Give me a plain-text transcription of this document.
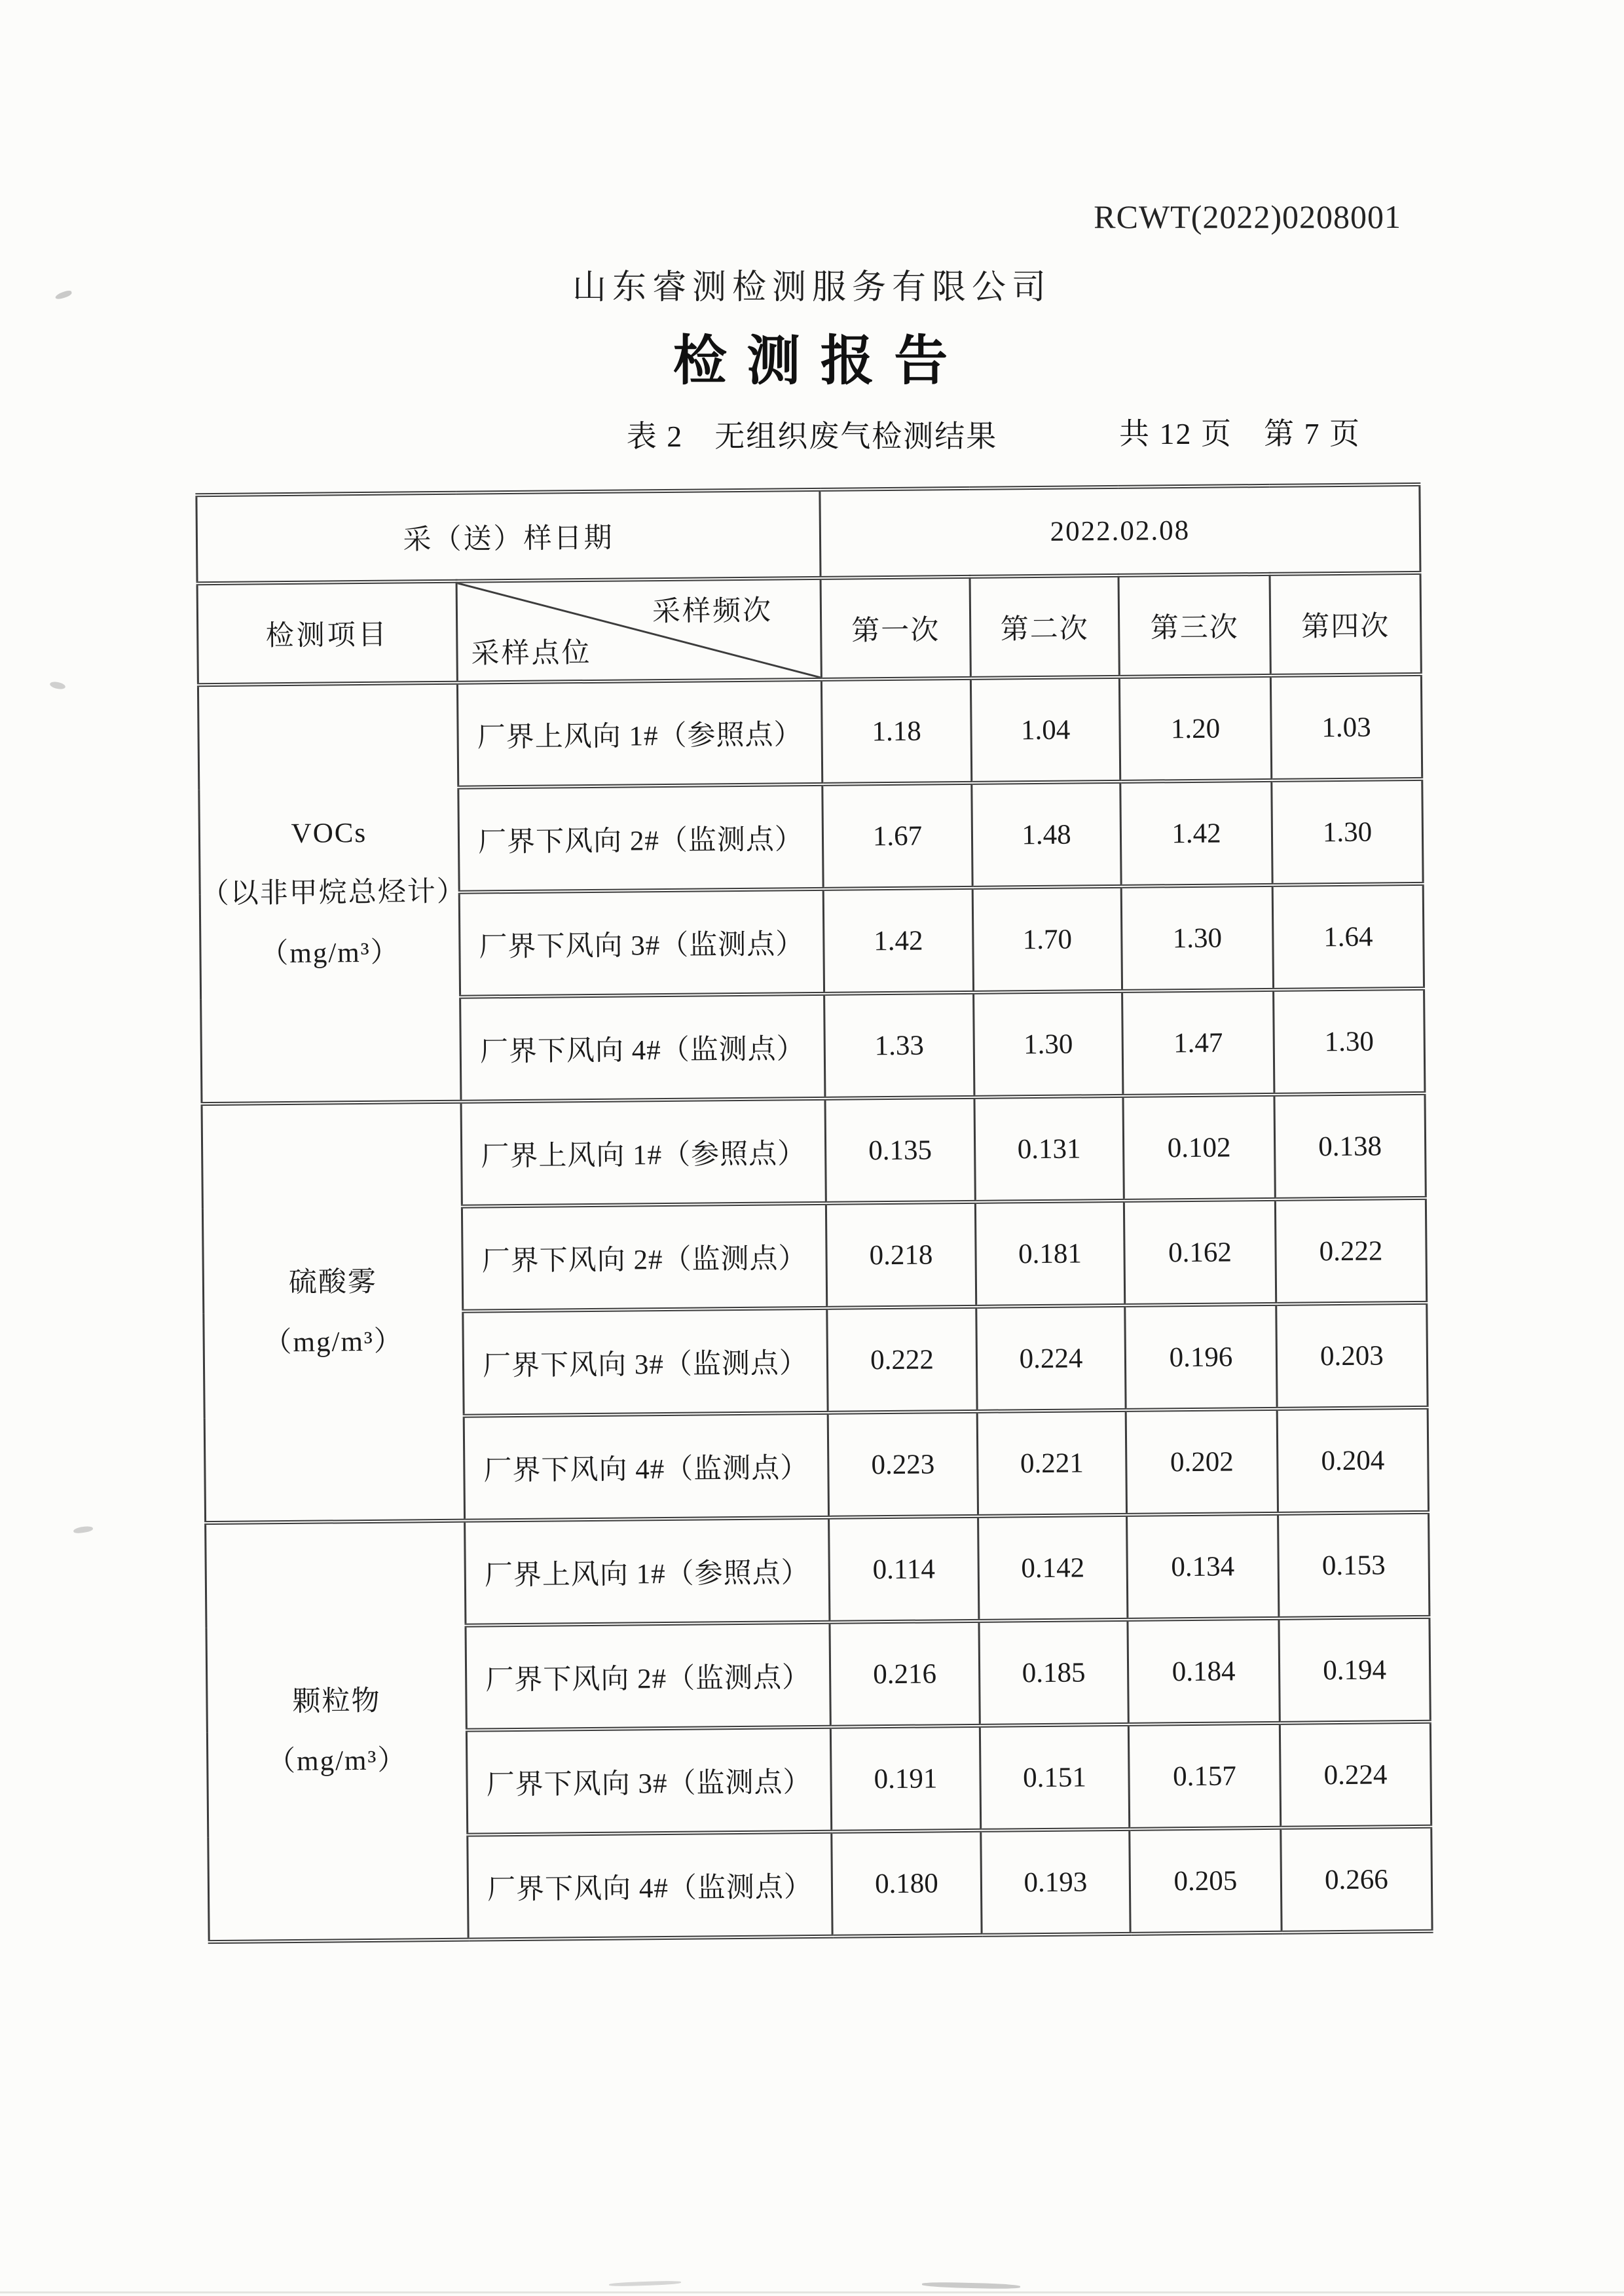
RCWT(2022)0208001
山东睿测检测服务有限公司
检 测 报 告
表 2　无组织废气检测结果	共 12 页　第 7 页
采（送）样日期		2022.02.08			
检测项目	采样频次
采样点位	第一次	第二次	第三次	第四次

VOCs
（以非甲烷总烃计）
（mg/m³）	厂界上风向 1#（参照点）	1.18	1.04	1.20	1.03
	厂界下风向 2#（监测点）	1.67	1.48	1.42	1.30
	厂界下风向 3#（监测点）	1.42	1.70	1.30	1.64
	厂界下风向 4#（监测点）	1.33	1.30	1.47	1.30

硫酸雾
（mg/m³）	厂界上风向 1#（参照点）	0.135	0.131	0.102	0.138
	厂界下风向 2#（监测点）	0.218	0.181	0.162	0.222
	厂界下风向 3#（监测点）	0.222	0.224	0.196	0.203
	厂界下风向 4#（监测点）	0.223	0.221	0.202	0.204

颗粒物
（mg/m³）	厂界上风向 1#（参照点）	0.114	0.142	0.134	0.153
	厂界下风向 2#（监测点）	0.216	0.185	0.184	0.194
	厂界下风向 3#（监测点）	0.191	0.151	0.157	0.224
	厂界下风向 4#（监测点）	0.180	0.193	0.205	0.266
